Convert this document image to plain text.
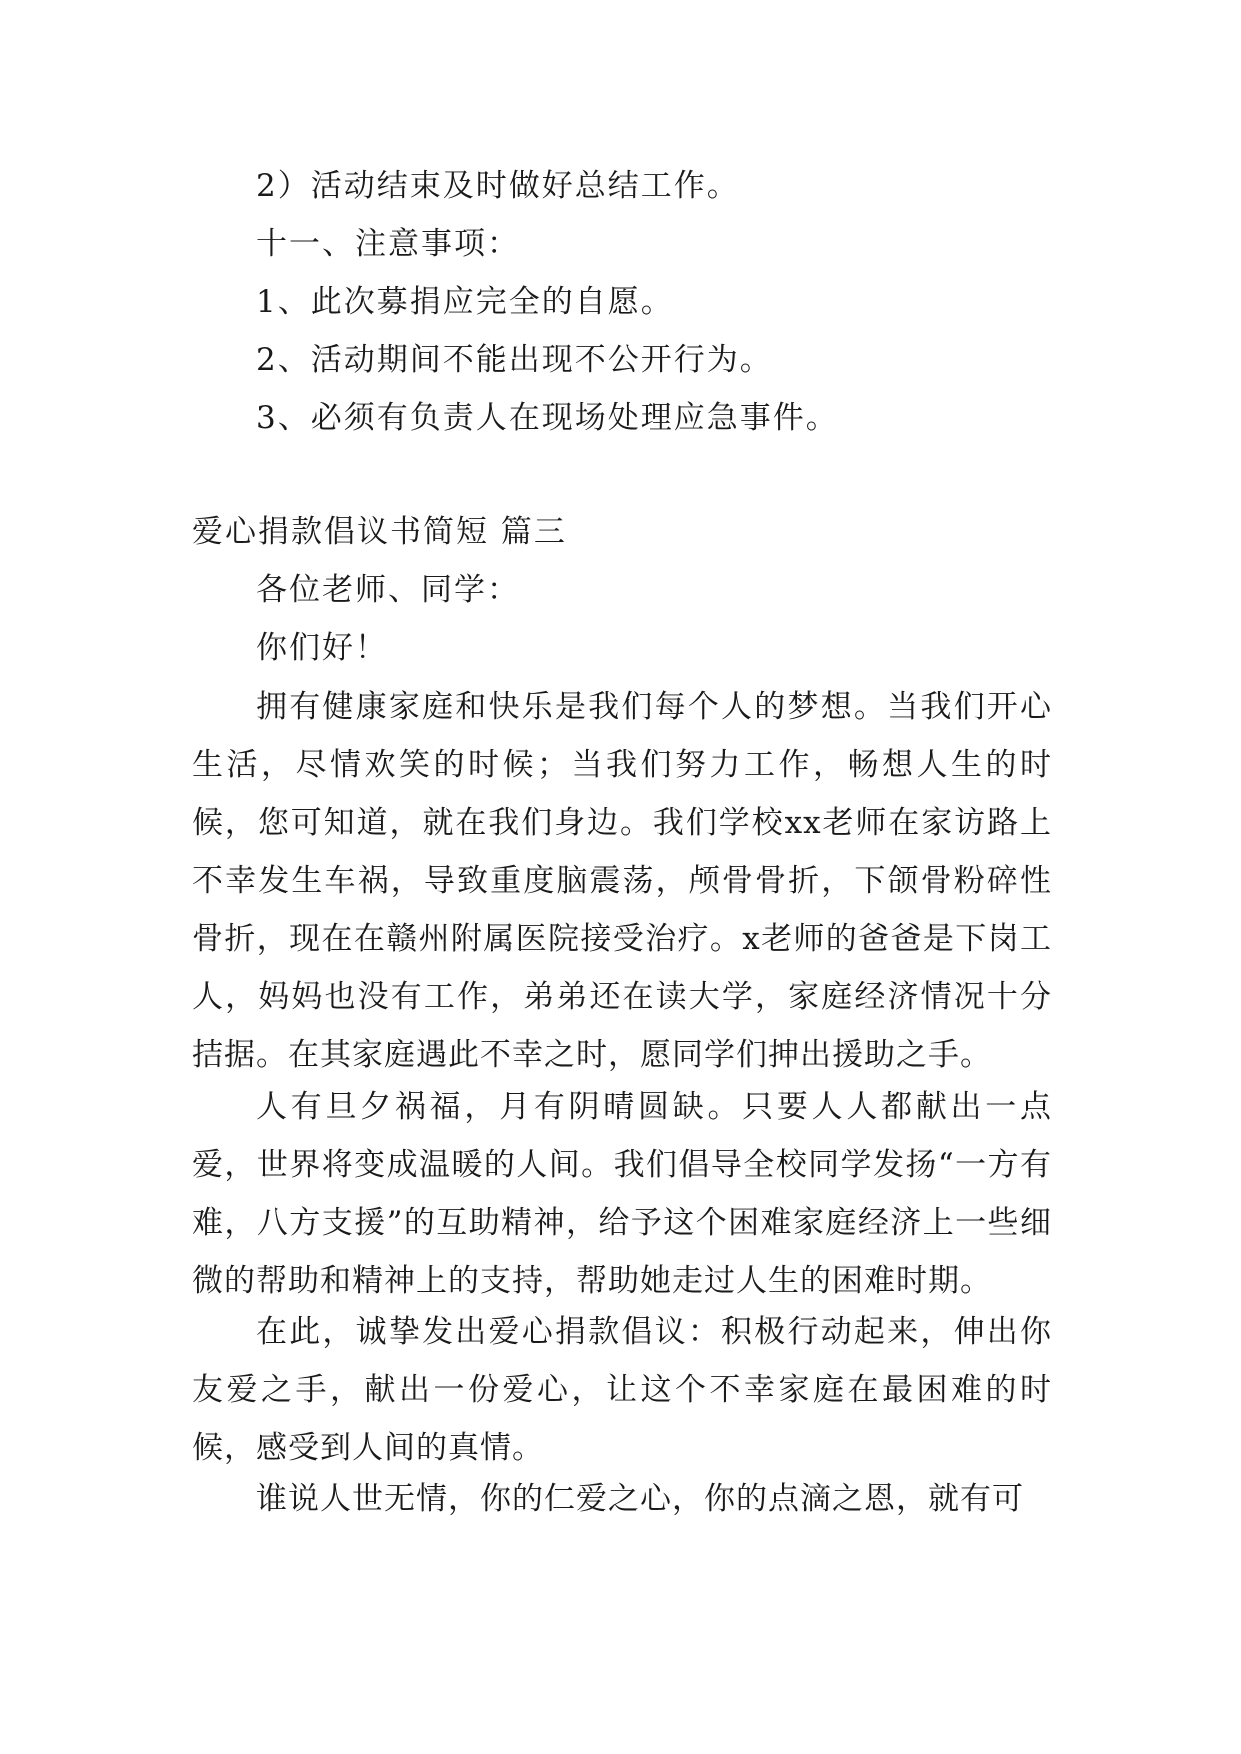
2）活动结束及时做好总结工作。
十一、注意事项：
1、此次募捐应完全的自愿。
2、活动期间不能出现不公开行为。
3、必须有负责人在现场处理应急事件。
爱心捐款倡议书简短 篇三
各位老师、同学：
你们好！
拥有健康家庭和快乐是我们每个人的梦想。当我们开心生活，尽情欢笑的时候；当我们努力工作，畅想人生的时候，您可知道，就在我们身边。我们学校xx老师在家访路上不幸发生车祸，导致重度脑震荡，颅骨骨折，下颌骨粉碎性骨折，现在在赣州附属医院接受治疗。x老师的爸爸是下岗工人，妈妈也没有工作，弟弟还在读大学，家庭经济情况十分拮据。在其家庭遇此不幸之时，愿同学们抻出援助之手。
人有旦夕祸福，月有阴晴圆缺。只要人人都献出一点爱，世界将变成温暖的人间。我们倡导全校同学发扬“一方有难，八方支援”的互助精神，给予这个困难家庭经济上一些细微的帮助和精神上的支持，帮助她走过人生的困难时期。
在此，诚挚发出爱心捐款倡议：积极行动起来，伸出你友爱之手，献出一份爱心，让这个不幸家庭在最困难的时候，感受到人间的真情。
谁说人世无情，你的仁爱之心，你的点滴之恩，就有可
